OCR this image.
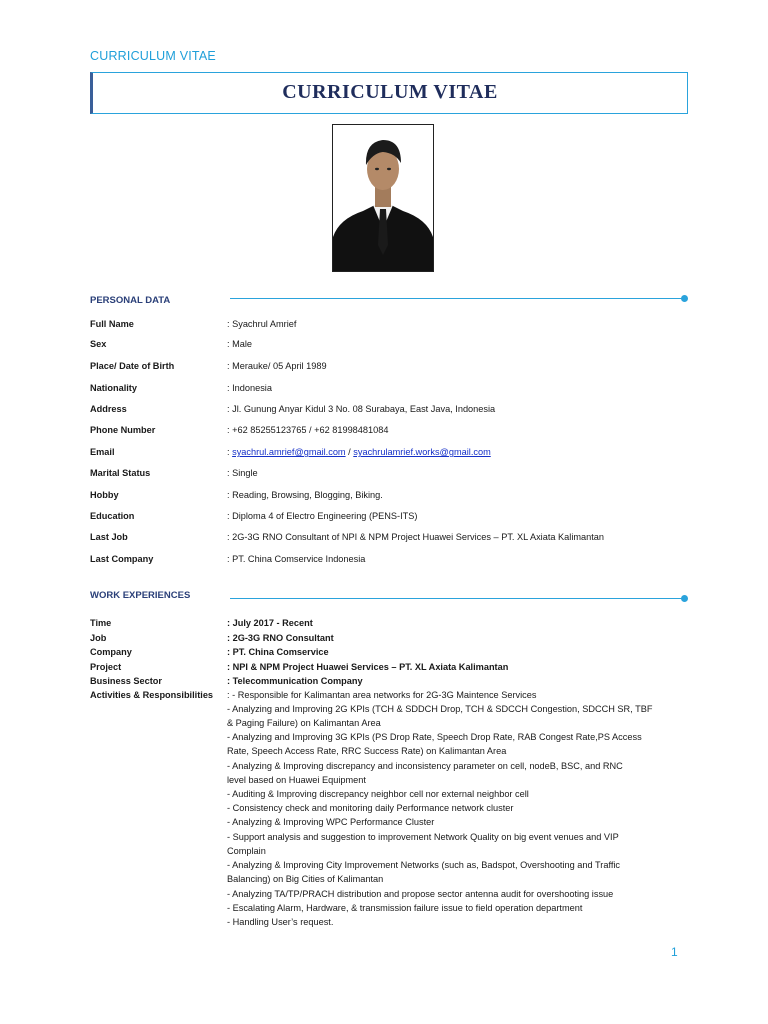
CURRICULUM VITAE
CURRICULUM VITAE
PERSONAL DATA
Full Name	: Syachrul Amrief
Sex	: Male
Place/ Date of Birth	: Merauke/ 05 April 1989
Nationality	: Indonesia
Address	: Jl. Gunung Anyar Kidul 3 No. 08 Surabaya, East Java, Indonesia
Phone Number	: +62 85255123765 / +62 81998481084
Email	: syachrul.amrief@gmail.com / syachrulamrief.works@gmail.com
Marital Status	: Single
Hobby	: Reading, Browsing, Blogging, Biking.
Education	: Diploma 4 of Electro Engineering (PENS-ITS)
Last Job	: 2G-3G RNO Consultant of NPI & NPM Project Huawei Services – PT. XL Axiata Kalimantan
Last Company	: PT. China Comservice Indonesia
WORK EXPERIENCES
Time	: July 2017 - Recent
Job	: 2G-3G RNO Consultant
Company	: PT. China Comservice
Project	: NPI & NPM Project Huawei Services – PT. XL Axiata Kalimantan
Business Sector	: Telecommunication Company
Activities & Responsibilities	: - Responsible for Kalimantan area networks for 2G-3G Maintence Services
- Analyzing and Improving 2G KPIs (TCH & SDDCH Drop, TCH & SDCCH Congestion, SDCCH SR, TBF
& Paging Failure) on Kalimantan Area
- Analyzing and Improving 3G KPIs (PS Drop Rate, Speech Drop Rate, RAB Congest Rate,PS Access
Rate, Speech Access Rate, RRC Success Rate) on Kalimantan Area
- Analyzing & Improving discrepancy and inconsistency parameter on cell, nodeB, BSC, and RNC
level based on Huawei Equipment
- Auditing & Improving discrepancy neighbor cell nor external neighbor cell
- Consistency check and monitoring daily Performance network cluster
- Analyzing & Improving WPC Performance Cluster
- Support analysis and suggestion to improvement Network Quality on big event venues and VIP
Complain
- Analyzing & Improving City Improvement Networks (such as, Badspot, Overshooting and Traffic
Balancing) on Big Cities of Kalimantan
- Analyzing TA/TP/PRACH distribution and propose sector antenna audit for overshooting issue
- Escalating Alarm, Hardware, & transmission failure issue to field operation department
- Handling User’s request.
1
